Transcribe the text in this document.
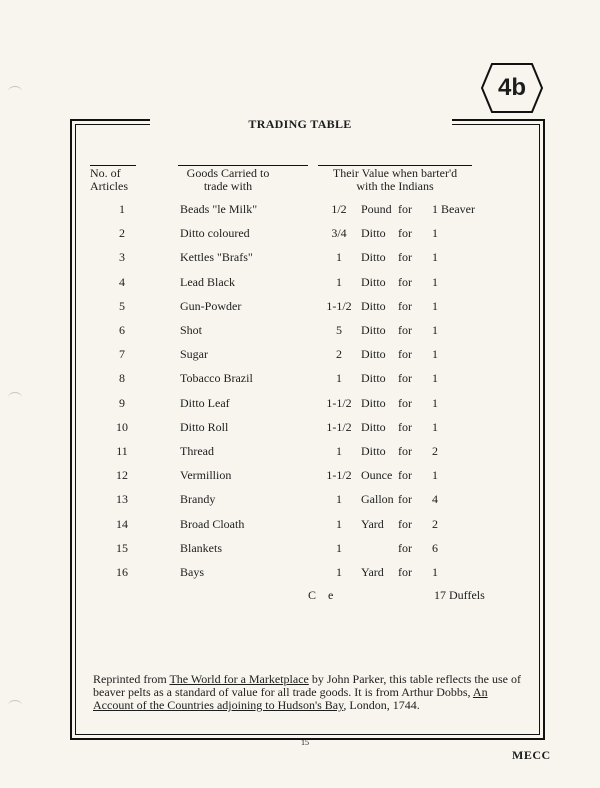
4b
TRADING TABLE
No. of
Articles
Goods Carried to
trade with
Their Value when barter'd
with the Indians
1	Beads "le Milk"	1/2	Pound for 1 Beaver
2	Ditto coloured	3/4	Ditto for 1
3	Kettles "Brafs"	1	Ditto for 1
4	Lead Black	1	Ditto for 1
5	Gun-Powder	1-1/2 Ditto for 1
6	Shot	5	Ditto for 1
7	Sugar	2	Ditto for 1
8	Tobacco Brazil	1	Ditto for 1
9	Ditto Leaf	1-1/2 Ditto for 1
10	Ditto Roll	1-1/2 Ditto for 1
11	Thread	1	Ditto for 2
12	Vermillion	1-1/2 Ounce for 1
13	Brandy	1	Gallon for 4
14	Broad Cloath	1	Yard for 2
15	Blankets	1	for 6
16	Bays	1	Yard for 1
C e	17 Duffels
Reprinted from The World for a Marketplace by John Parker, this table reflects the use of beaver pelts as a standard of value for all trade goods. It is from Arthur Dobbs, An Account of the Countries adjoining to Hudson's Bay, London, 1744.
15
MECC
